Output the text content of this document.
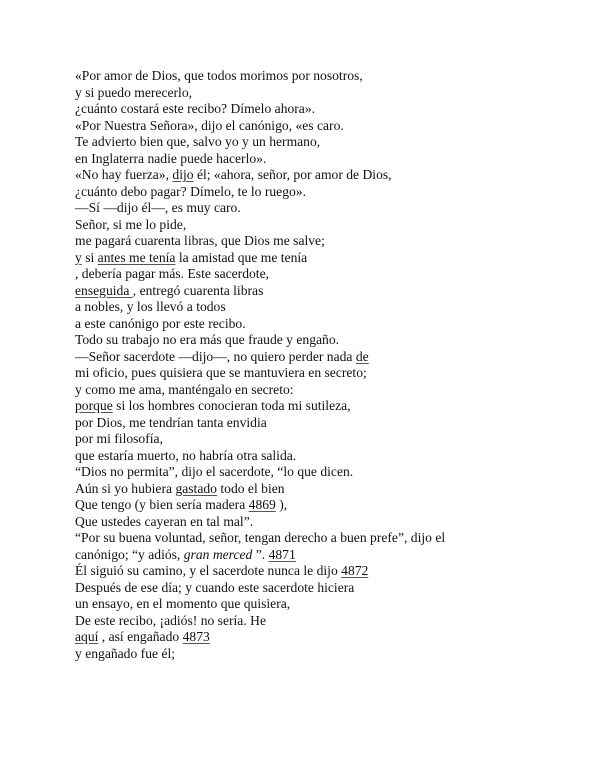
«Por amor de Dios, que todos morimos por nosotros,
y si puedo merecerlo,
¿cuánto costará este recibo? Dímelo ahora».
«Por Nuestra Señora», dijo el canónigo, «es caro.
Te advierto bien que, salvo yo y un hermano,
en Inglaterra nadie puede hacerlo».
«No hay fuerza», dijo él; «ahora, señor, por amor de Dios,
¿cuánto debo pagar? Dímelo, te lo ruego».
—Sí —dijo él—, es muy caro.
Señor, si me lo pide,
me pagará cuarenta libras, que Dios me salve;
y si antes me tenía la amistad que me tenía
, debería pagar más. Este sacerdote,
enseguida , entregó cuarenta libras
a nobles, y los llevó a todos
a este canónigo por este recibo.
Todo su trabajo no era más que fraude y engaño.
—Señor sacerdote —dijo—, no quiero perder nada de
mi oficio, pues quisiera que se mantuviera en secreto;
y como me ama, manténgalo en secreto:
porque si los hombres conocieran toda mi sutileza,
por Dios, me tendrían tanta envidia
por mi filosofía,
que estaría muerto, no habría otra salida.
“Dios no permita”, dijo el sacerdote, “lo que dicen.
Aún si yo hubiera gastado todo el bien
Que tengo (y bien sería madera 4869 ),
Que ustedes cayeran en tal mal”.
“Por su buena voluntad, señor, tengan derecho a buen prefe”, dijo el
canónigo; “y adiós, gran merced ”. 4871
Él siguió su camino, y el sacerdote nunca le dijo 4872
Después de ese día; y cuando este sacerdote hiciera
un ensayo, en el momento que quisiera,
De este recibo, ¡adiós! no sería. He
aquí , así engañado 4873
y engañado fue él;
